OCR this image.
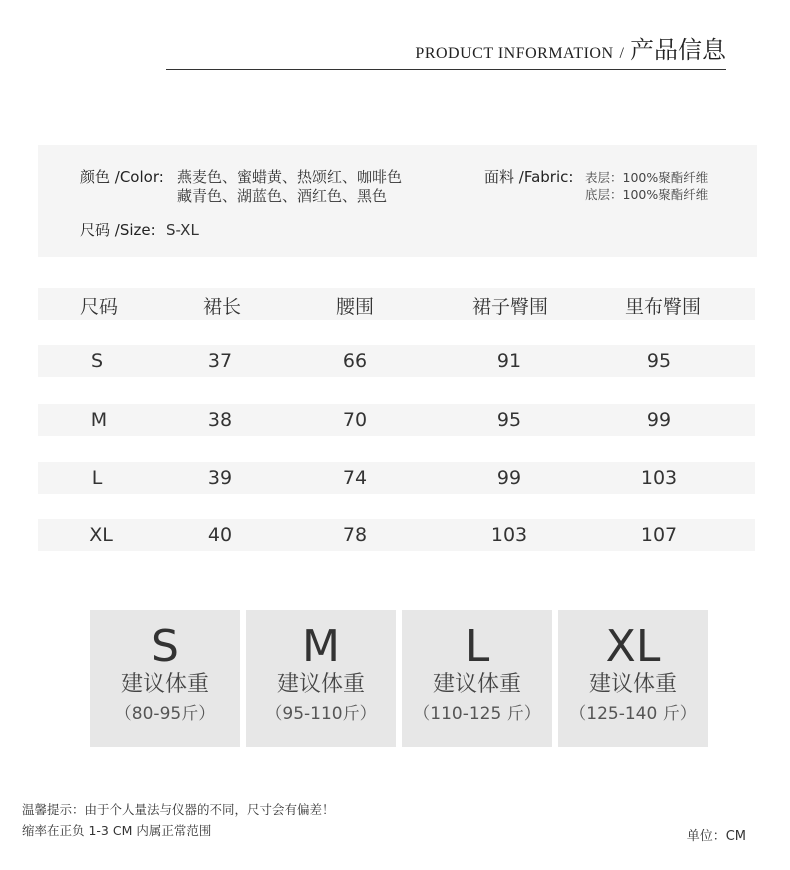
PRODUCT INFORMATION / 产品信息
颜色 /Color: 燕麦色、蜜蜡黄、热颂红、咖啡色
藏青色、湖蓝色、酒红色、黑色
面料 /Fabric: 表层：100%聚酯纤维
底层：100%聚酯纤维
尺码 /Size: S-XL
尺码	裙长	腰围	裙子臀围	里布臀围
S	37	66	91	95
M	38	70	95	99
L	39	74	99	103
XL	40	78	103	107
S
建议体重
（80-95斤）
M
建议体重
（95-110斤）
L
建议体重
（110-125 斤）
XL
建议体重
（125-140 斤）
温馨提示：由于个人量法与仪器的不同，尺寸会有偏差！
缩率在正负 1-3 CM 内属正常范围	单位：CM
